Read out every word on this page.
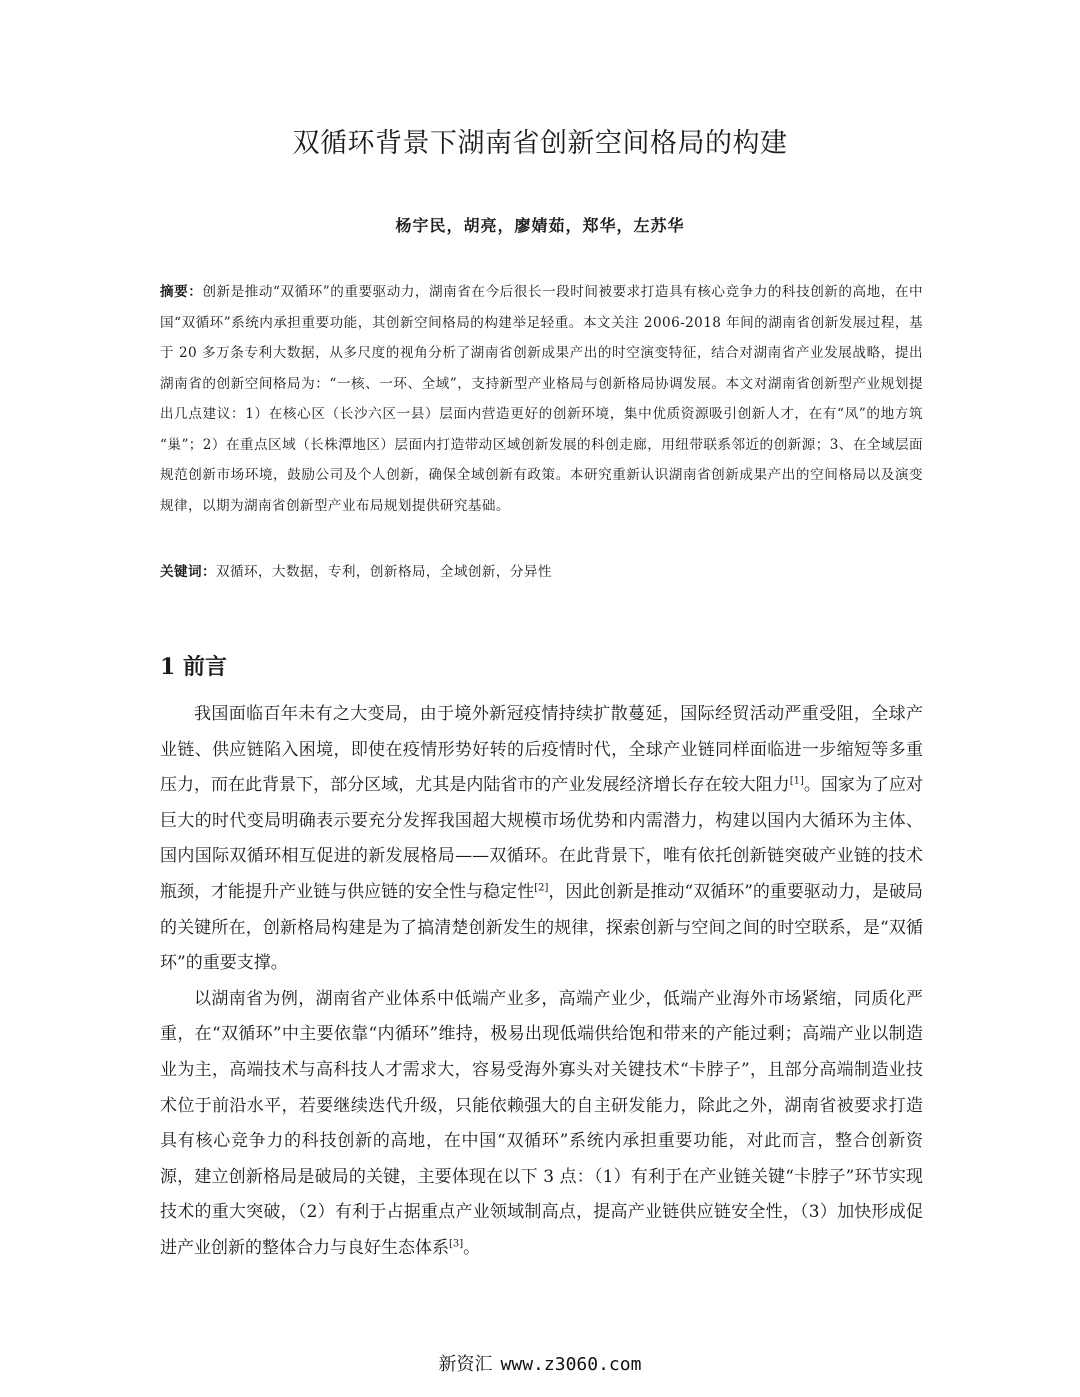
双循环背景下湖南省创新空间格局的构建
杨宇民，胡亮，廖婧茹，郑华，左苏华
摘要：创新是推动“双循环”的重要驱动力，湖南省在今后很长一段时间被要求打造具有核心竞争力的科技创新的高地，在中国“双循环”系统内承担重要功能，其创新空间格局的构建举足轻重。本文关注 2006-2018 年间的湖南省创新发展过程，基于 20 多万条专利大数据，从多尺度的视角分析了湖南省创新成果产出的时空演变特征，结合对湖南省产业发展战略，提出湖南省的创新空间格局为：“一核、一环、全域”，支持新型产业格局与创新格局协调发展。本文对湖南省创新型产业规划提出几点建议：1）在核心区（长沙六区一县）层面内营造更好的创新环境，集中优质资源吸引创新人才，在有“凤”的地方筑 “巢”；2）在重点区域（长株潭地区）层面内打造带动区域创新发展的科创走廊，用纽带联系邻近的创新源；3、在全域层面规范创新市场环境，鼓励公司及个人创新，确保全域创新有政策。本研究重新认识湖南省创新成果产出的空间格局以及演变规律，以期为湖南省创新型产业布局规划提供研究基础。
关键词：双循环，大数据，专利，创新格局，全域创新，分异性
1 前言

我国面临百年未有之大变局，由于境外新冠疫情持续扩散蔓延，国际经贸活动严重受阻，全球产业链、供应链陷入困境，即使在疫情形势好转的后疫情时代，全球产业链同样面临进一步缩短等多重压力，而在此背景下，部分区域，尤其是内陆省市的产业发展经济增长存在较大阻力[1]。国家为了应对巨大的时代变局明确表示要充分发挥我国超大规模市场优势和内需潜力，构建以国内大循环为主体、国内国际双循环相互促进的新发展格局——双循环。在此背景下，唯有依托创新链突破产业链的技术瓶颈，才能提升产业链与供应链的安全性与稳定性[2]，因此创新是推动“双循环”的重要驱动力，是破局的关键所在，创新格局构建是为了搞清楚创新发生的规律，探索创新与空间之间的时空联系，是“双循环”的重要支撑。

以湖南省为例，湖南省产业体系中低端产业多，高端产业少，低端产业海外市场紧缩，同质化严重，在“双循环”中主要依靠“内循环”维持，极易出现低端供给饱和带来的产能过剩；高端产业以制造业为主，高端技术与高科技人才需求大，容易受海外寡头对关键技术“卡脖子”，且部分高端制造业技术位于前沿水平，若要继续迭代升级，只能依赖强大的自主研发能力，除此之外，湖南省被要求打造具有核心竞争力的科技创新的高地，在中国“双循环”系统内承担重要功能，对此而言，整合创新资源，建立创新格局是破局的关键，主要体现在以下 3 点：（1）有利于在产业链关键“卡脖子”环节实现技术的重大突破，（2）有利于占据重点产业领域制高点，提高产业链供应链安全性，（3）加快形成促进产业创新的整体合力与良好生态体系[3]。

新资汇 www.z3060.com
